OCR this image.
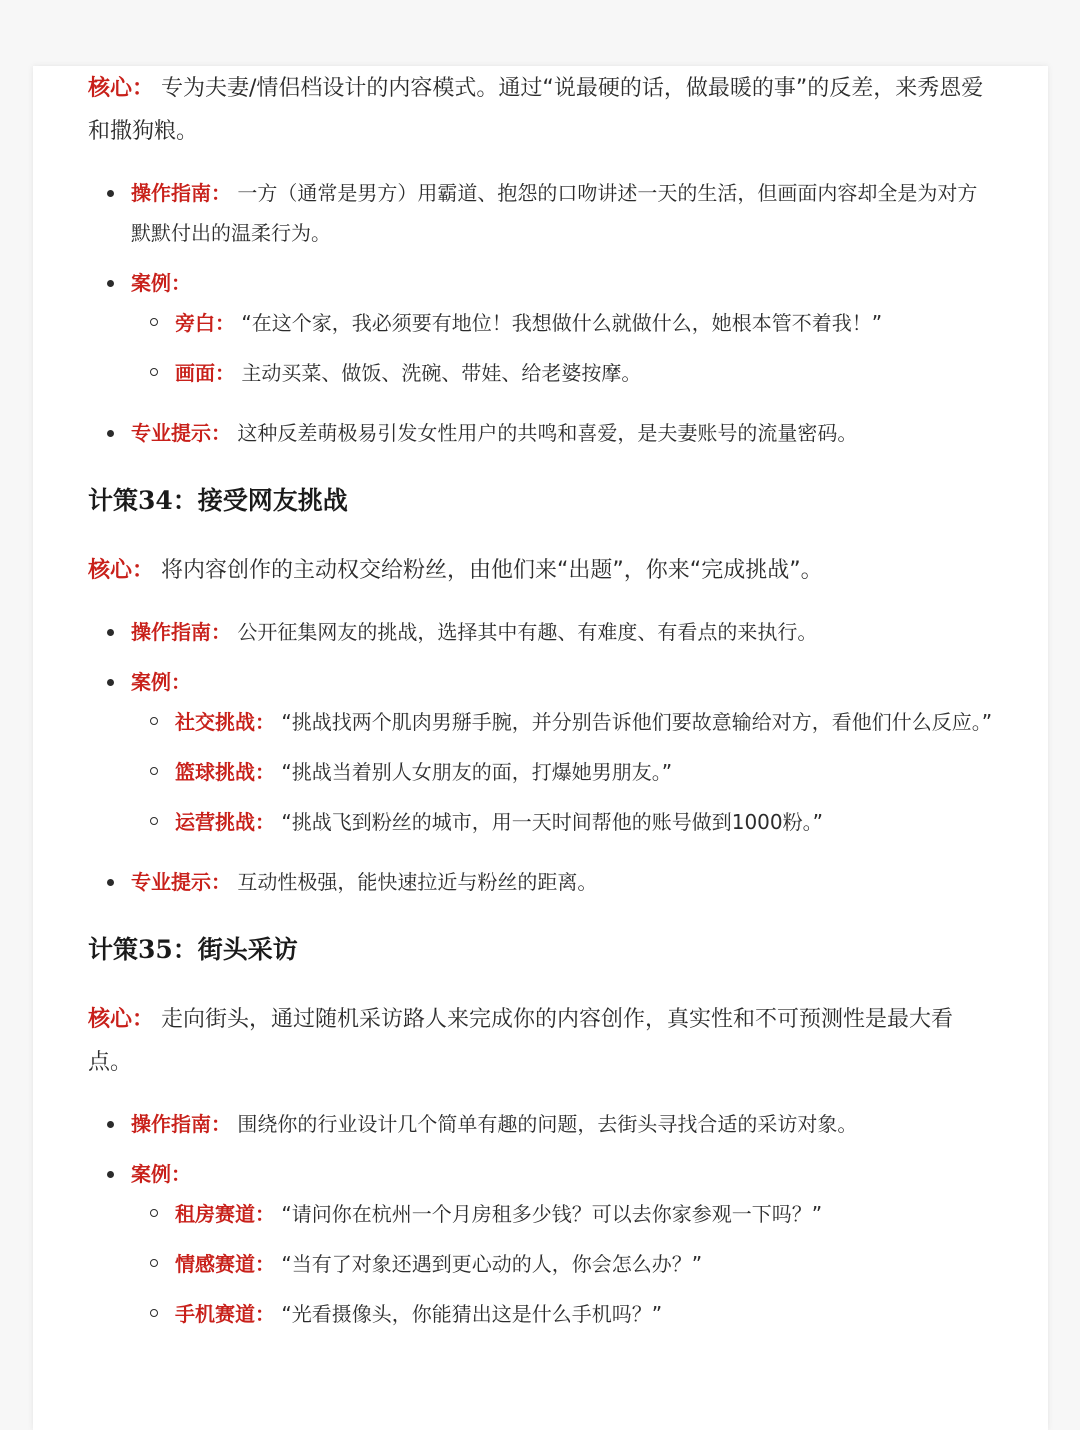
核心： 专为夫妻/情侣档设计的内容模式。通过“说最硬的话，做最暖的事”的反差，来秀恩爱和撒狗粮。

操作指南： 一方（通常是男方）用霸道、抱怨的口吻讲述一天的生活，但画面内容却全是为对方默默付出的温柔行为。
案例：
旁白： “在这个家，我必须要有地位！我想做什么就做什么，她根本管不着我！”
画面： 主动买菜、做饭、洗碗、带娃、给老婆按摩。
专业提示： 这种反差萌极易引发女性用户的共鸣和喜爱，是夫妻账号的流量密码。
计策34：接受网友挑战

核心： 将内容创作的主动权交给粉丝，由他们来“出题”，你来“完成挑战”。

操作指南： 公开征集网友的挑战，选择其中有趣、有难度、有看点的来执行。
案例：
社交挑战： “挑战找两个肌肉男掰手腕，并分别告诉他们要故意输给对方，看他们什么反应。”
篮球挑战： “挑战当着别人女朋友的面，打爆她男朋友。”
运营挑战： “挑战飞到粉丝的城市，用一天时间帮他的账号做到1000粉。”
专业提示： 互动性极强，能快速拉近与粉丝的距离。
计策35：街头采访

核心： 走向街头，通过随机采访路人来完成你的内容创作，真实性和不可预测性是最大看点。

操作指南： 围绕你的行业设计几个简单有趣的问题，去街头寻找合适的采访对象。
案例：
租房赛道： “请问你在杭州一个月房租多少钱？可以去你家参观一下吗？”
情感赛道： “当有了对象还遇到更心动的人，你会怎么办？”
手机赛道： “光看摄像头，你能猜出这是什么手机吗？”
